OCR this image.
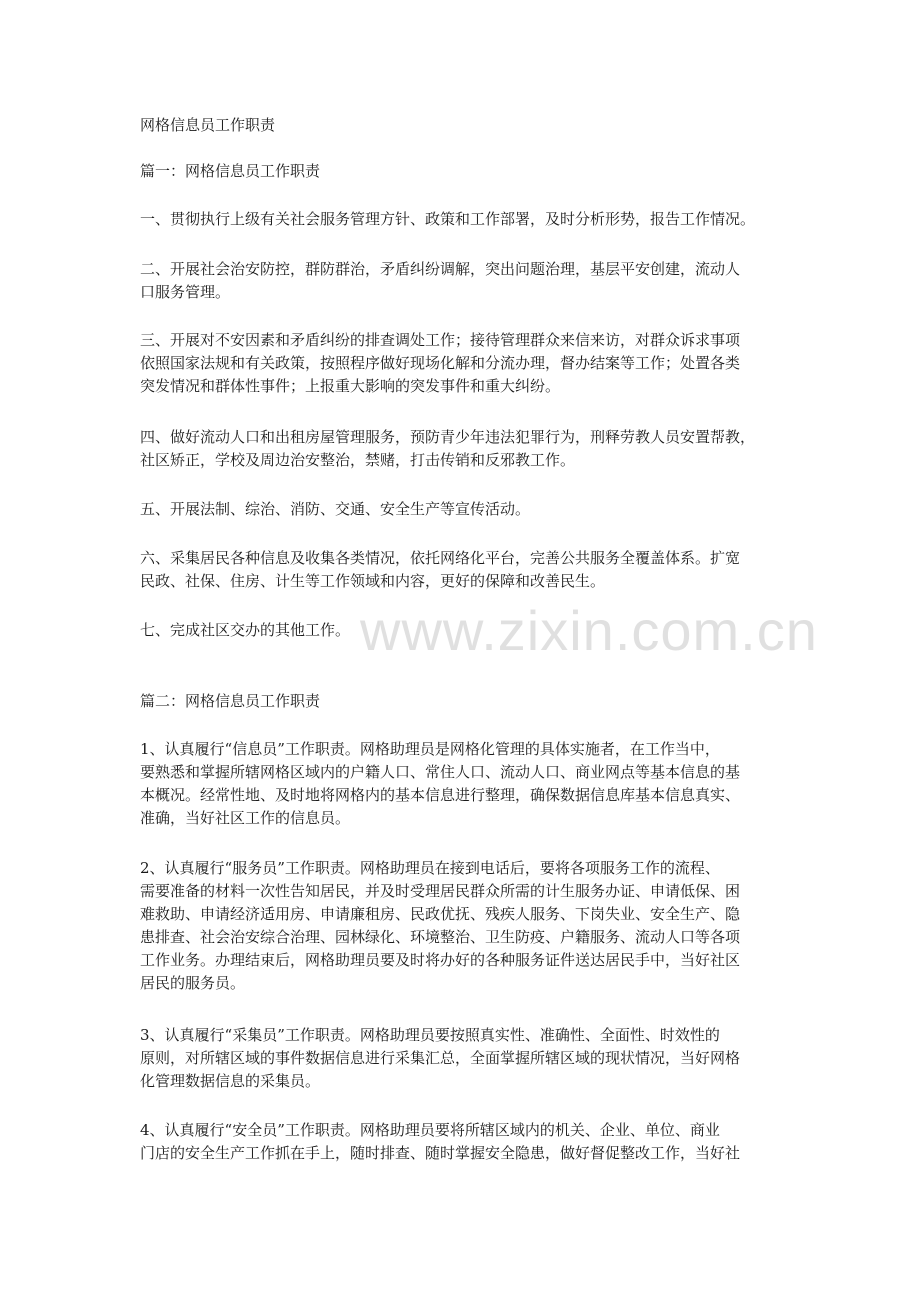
网格信息员工作职责
篇一：网格信息员工作职责
一、贯彻执行上级有关社会服务管理方针、政策和工作部署，及时分析形势，报告工作情况。
二、开展社会治安防控，群防群治，矛盾纠纷调解，突出问题治理，基层平安创建，流动人
口服务管理。
三、开展对不安因素和矛盾纠纷的排查调处工作；接待管理群众来信来访，对群众诉求事项
依照国家法规和有关政策，按照程序做好现场化解和分流办理，督办结案等工作；处置各类
突发情况和群体性事件；上报重大影响的突发事件和重大纠纷。
四、做好流动人口和出租房屋管理服务，预防青少年违法犯罪行为，刑释劳教人员安置帮教，
社区矫正，学校及周边治安整治，禁赌，打击传销和反邪教工作。
五、开展法制、综治、消防、交通、安全生产等宣传活动。
六、采集居民各种信息及收集各类情况，依托网络化平台，完善公共服务全覆盖体系。扩宽
民政、社保、住房、计生等工作领域和内容，更好的保障和改善民生。
七、完成社区交办的其他工作。
篇二：网格信息员工作职责
1、认真履行“信息员”工作职责。网格助理员是网格化管理的具体实施者，在工作当中，
要熟悉和掌握所辖网格区域内的户籍人口、常住人口、流动人口、商业网点等基本信息的基
本概况。经常性地、及时地将网格内的基本信息进行整理，确保数据信息库基本信息真实、
准确，当好社区工作的信息员。
2、认真履行“服务员”工作职责。网格助理员在接到电话后，要将各项服务工作的流程、
需要准备的材料一次性告知居民，并及时受理居民群众所需的计生服务办证、申请低保、困
难救助、申请经济适用房、申请廉租房、民政优抚、残疾人服务、下岗失业、安全生产、隐
患排查、社会治安综合治理、园林绿化、环境整治、卫生防疫、户籍服务、流动人口等各项
工作业务。办理结束后，网格助理员要及时将办好的各种服务证件送达居民手中，当好社区
居民的服务员。
3、认真履行“采集员”工作职责。网格助理员要按照真实性、准确性、全面性、时效性的
原则，对所辖区域的事件数据信息进行采集汇总，全面掌握所辖区域的现状情况，当好网格
化管理数据信息的采集员。
4、认真履行“安全员”工作职责。网格助理员要将所辖区域内的机关、企业、单位、商业
门店的安全生产工作抓在手上，随时排查、随时掌握安全隐患，做好督促整改工作，当好社
www.zixin.com.cn
